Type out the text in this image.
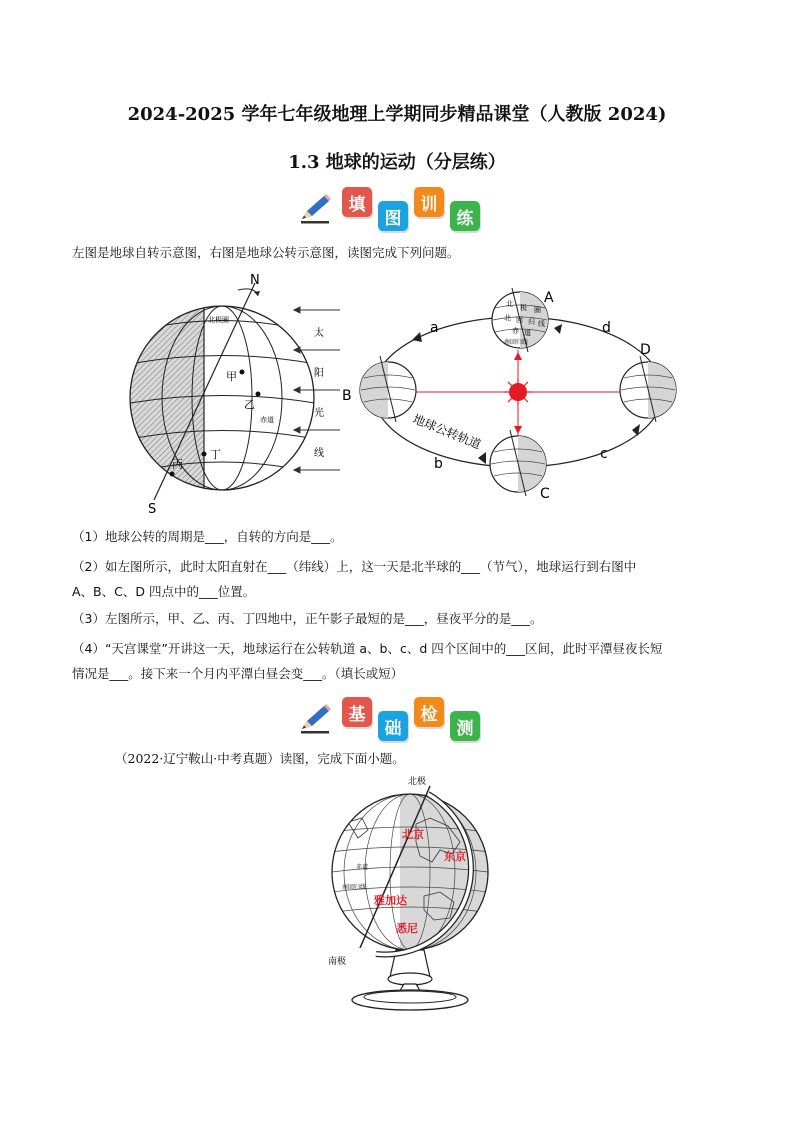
2024-2025 学年七年级地理上学期同步精品课堂（人教版 2024)
1.3 地球的运动（分层练）
填
图
训
练
左图是地球自转示意图，右图是地球公转示意图，读图完成下列问题。
N
S
北极圈
赤道
甲
乙
丙
丁
太
阳
光
线
北 极 圈
北 回 归 线
赤 道
南回归线
A
B
C
D
a
b
c
d
地球公转轨道
（1）地球公转的周期是___，自转的方向是___。
（2）如左图所示，此时太阳直射在___（纬线）上，这一天是北半球的___（节气），地球运行到右图中
A、B、C、D 四点中的___位置。
（3）左图所示，甲、乙、丙、丁四地中，正午影子最短的是___，昼夜平分的是___。
（4）“天宫课堂”开讲这一天，地球运行在公转轨道 a、b、c、d 四个区间中的___区间，此时平潭昼夜长短
情况是___。接下来一个月内平潭白昼会变___。（填长或短）
基
础
检
测
（2022·辽宁鞍山·中考真题）读图，完成下面小题。
北极
南极
赤道
南回归线
北京
东京
雅加达
悉尼
